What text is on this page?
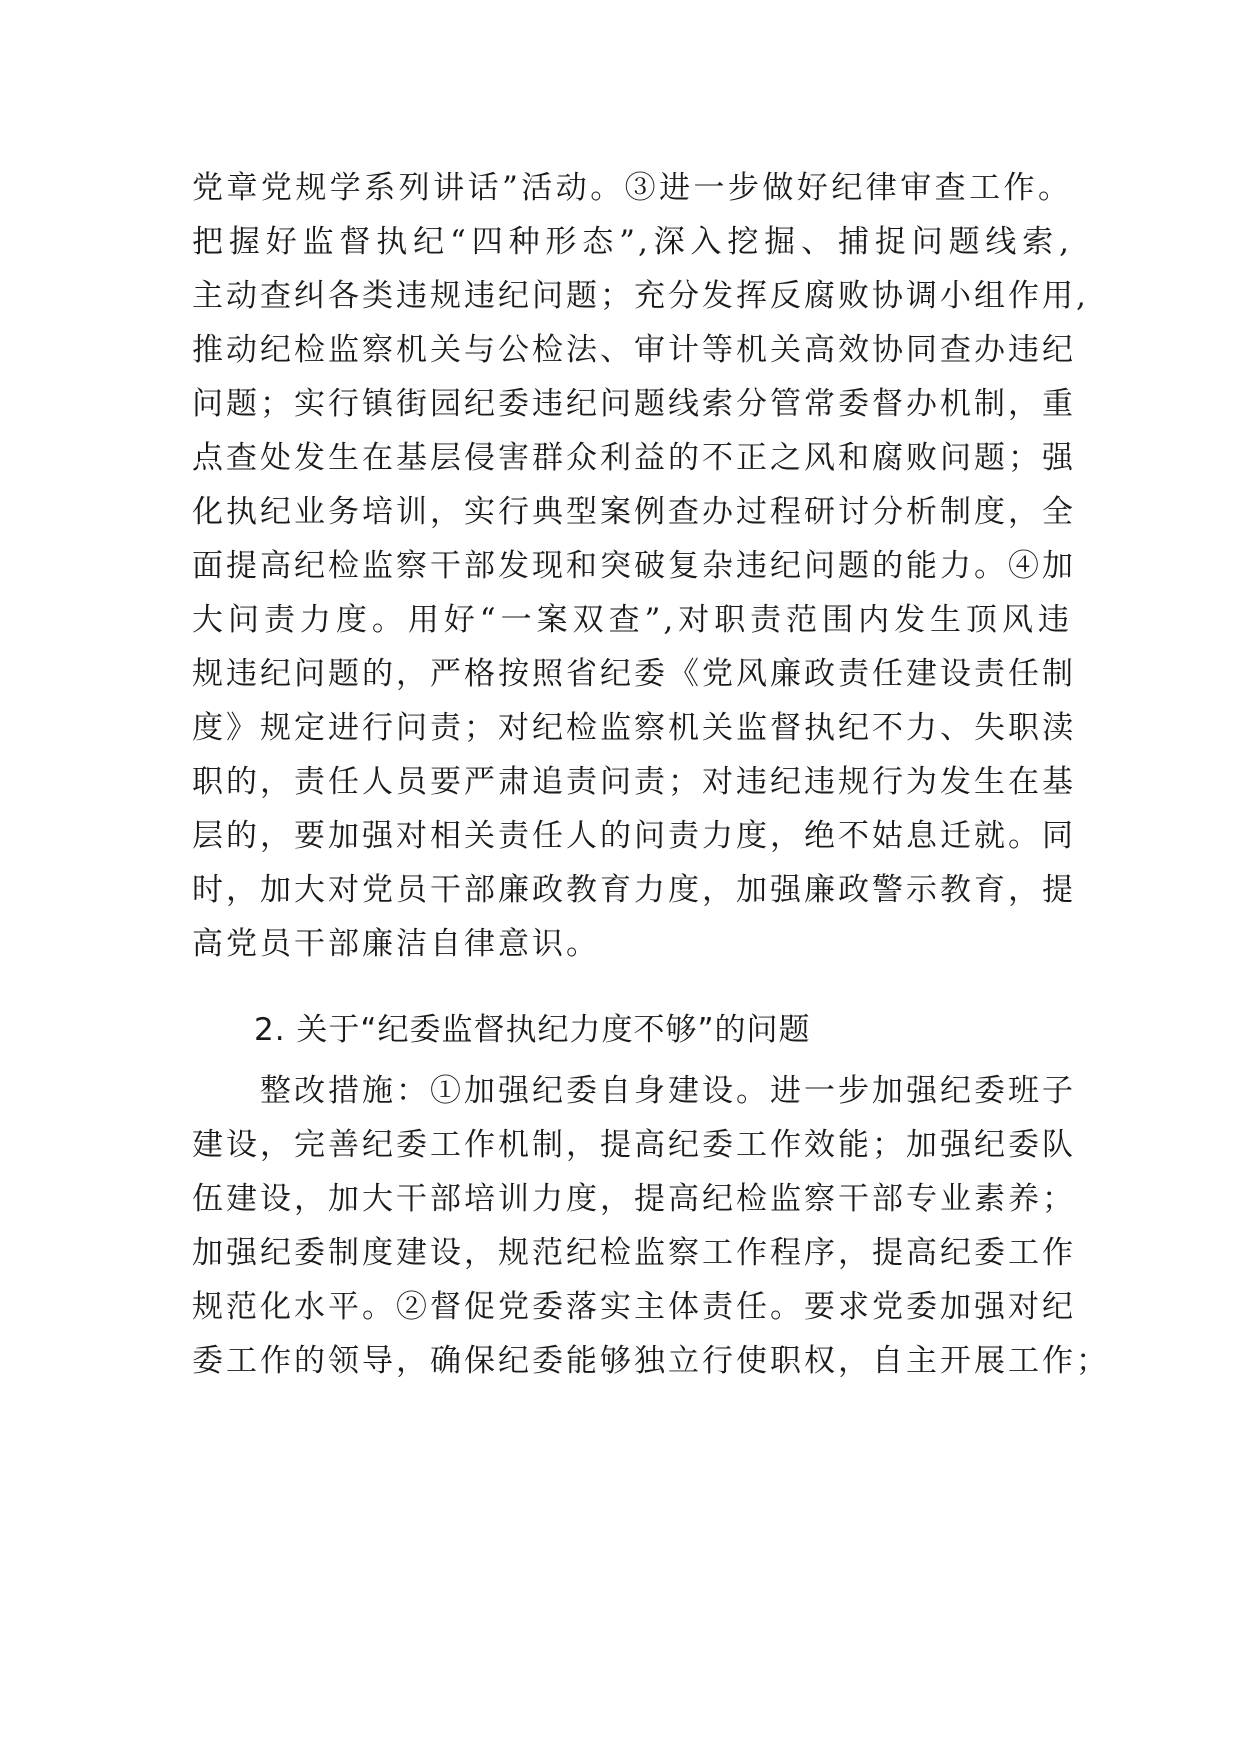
党章党规学系列讲话”活动。③进一步做好纪律审查工作。
把握好监督执纪“四种形态”,深入挖掘、捕捉问题线索,
主动查纠各类违规违纪问题；充分发挥反腐败协调小组作用,
推动纪检监察机关与公检法、审计等机关高效协同查办违纪
问题；实行镇街园纪委违纪问题线索分管常委督办机制，重
点查处发生在基层侵害群众利益的不正之风和腐败问题；强
化执纪业务培训，实行典型案例查办过程研讨分析制度，全
面提高纪检监察干部发现和突破复杂违纪问题的能力。④加
大问责力度。用好“一案双查”,对职责范围内发生顶风违
规违纪问题的，严格按照省纪委《党风廉政责任建设责任制
度》规定进行问责；对纪检监察机关监督执纪不力、失职渎
职的，责任人员要严肃追责问责；对违纪违规行为发生在基
层的，要加强对相关责任人的问责力度，绝不姑息迁就。同
时，加大对党员干部廉政教育力度，加强廉政警示教育，提
高党员干部廉洁自律意识。
2. 关于“纪委监督执纪力度不够”的问题
　　整改措施：①加强纪委自身建设。进一步加强纪委班子
建设，完善纪委工作机制，提高纪委工作效能；加强纪委队
伍建设，加大干部培训力度，提高纪检监察干部专业素养；
加强纪委制度建设，规范纪检监察工作程序，提高纪委工作
规范化水平。②督促党委落实主体责任。要求党委加强对纪
委工作的领导，确保纪委能够独立行使职权，自主开展工作；
